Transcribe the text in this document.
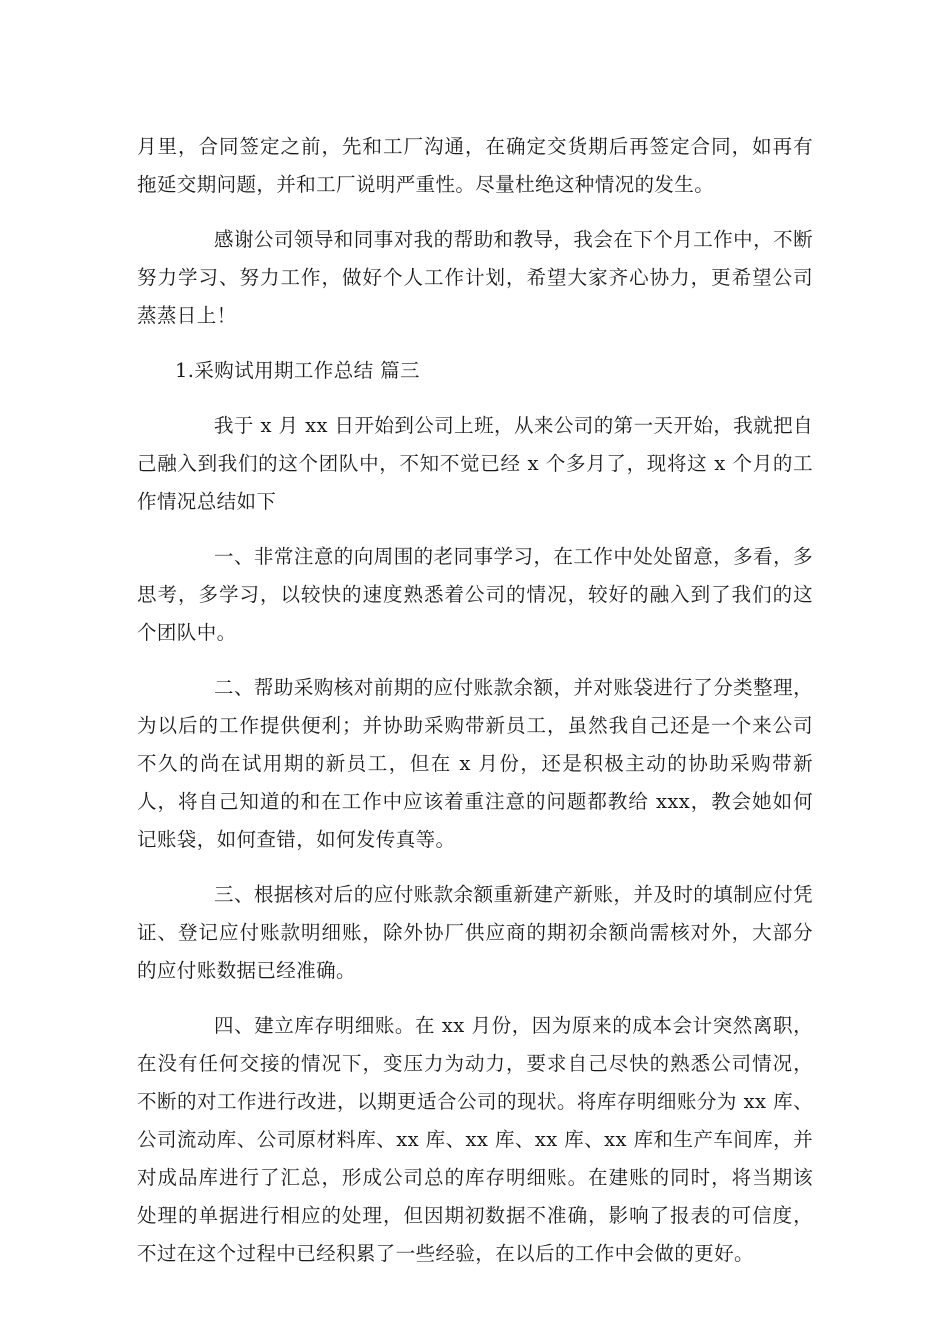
月里，合同签定之前，先和工厂沟通，在确定交货期后再签定合同，如再有拖延交期问题，并和工厂说明严重性。尽量杜绝这种情况的发生。

感谢公司领导和同事对我的帮助和教导，我会在下个月工作中，不断努力学习、努力工作，做好个人工作计划，希望大家齐心协力，更希望公司蒸蒸日上！

1.采购试用期工作总结 篇三

我于 x 月 xx 日开始到公司上班，从来公司的第一天开始，我就把自己融入到我们的这个团队中，不知不觉已经 x 个多月了，现将这 x 个月的工作情况总结如下

一、非常注意的向周围的老同事学习，在工作中处处留意，多看，多思考，多学习，以较快的速度熟悉着公司的情况，较好的融入到了我们的这个团队中。

二、帮助采购核对前期的应付账款余额，并对账袋进行了分类整理，为以后的工作提供便利；并协助采购带新员工，虽然我自己还是一个来公司不久的尚在试用期的新员工，但在 x 月份，还是积极主动的协助采购带新人，将自己知道的和在工作中应该着重注意的问题都教给 xxx，教会她如何记账袋，如何查错，如何发传真等。

三、根据核对后的应付账款余额重新建产新账，并及时的填制应付凭证、登记应付账款明细账，除外协厂供应商的期初余额尚需核对外，大部分的应付账数据已经准确。

四、建立库存明细账。在 xx 月份，因为原来的成本会计突然离职，在没有任何交接的情况下，变压力为动力，要求自己尽快的熟悉公司情况，不断的对工作进行改进，以期更适合公司的现状。将库存明细账分为 xx 库、公司流动库、公司原材料库、xx 库、xx 库、xx 库、xx 库和生产车间库，并对成品库进行了汇总，形成公司总的库存明细账。在建账的同时，将当期该处理的单据进行相应的处理，但因期初数据不准确，影响了报表的可信度，不过在这个过程中已经积累了一些经验，在以后的工作中会做的更好。
